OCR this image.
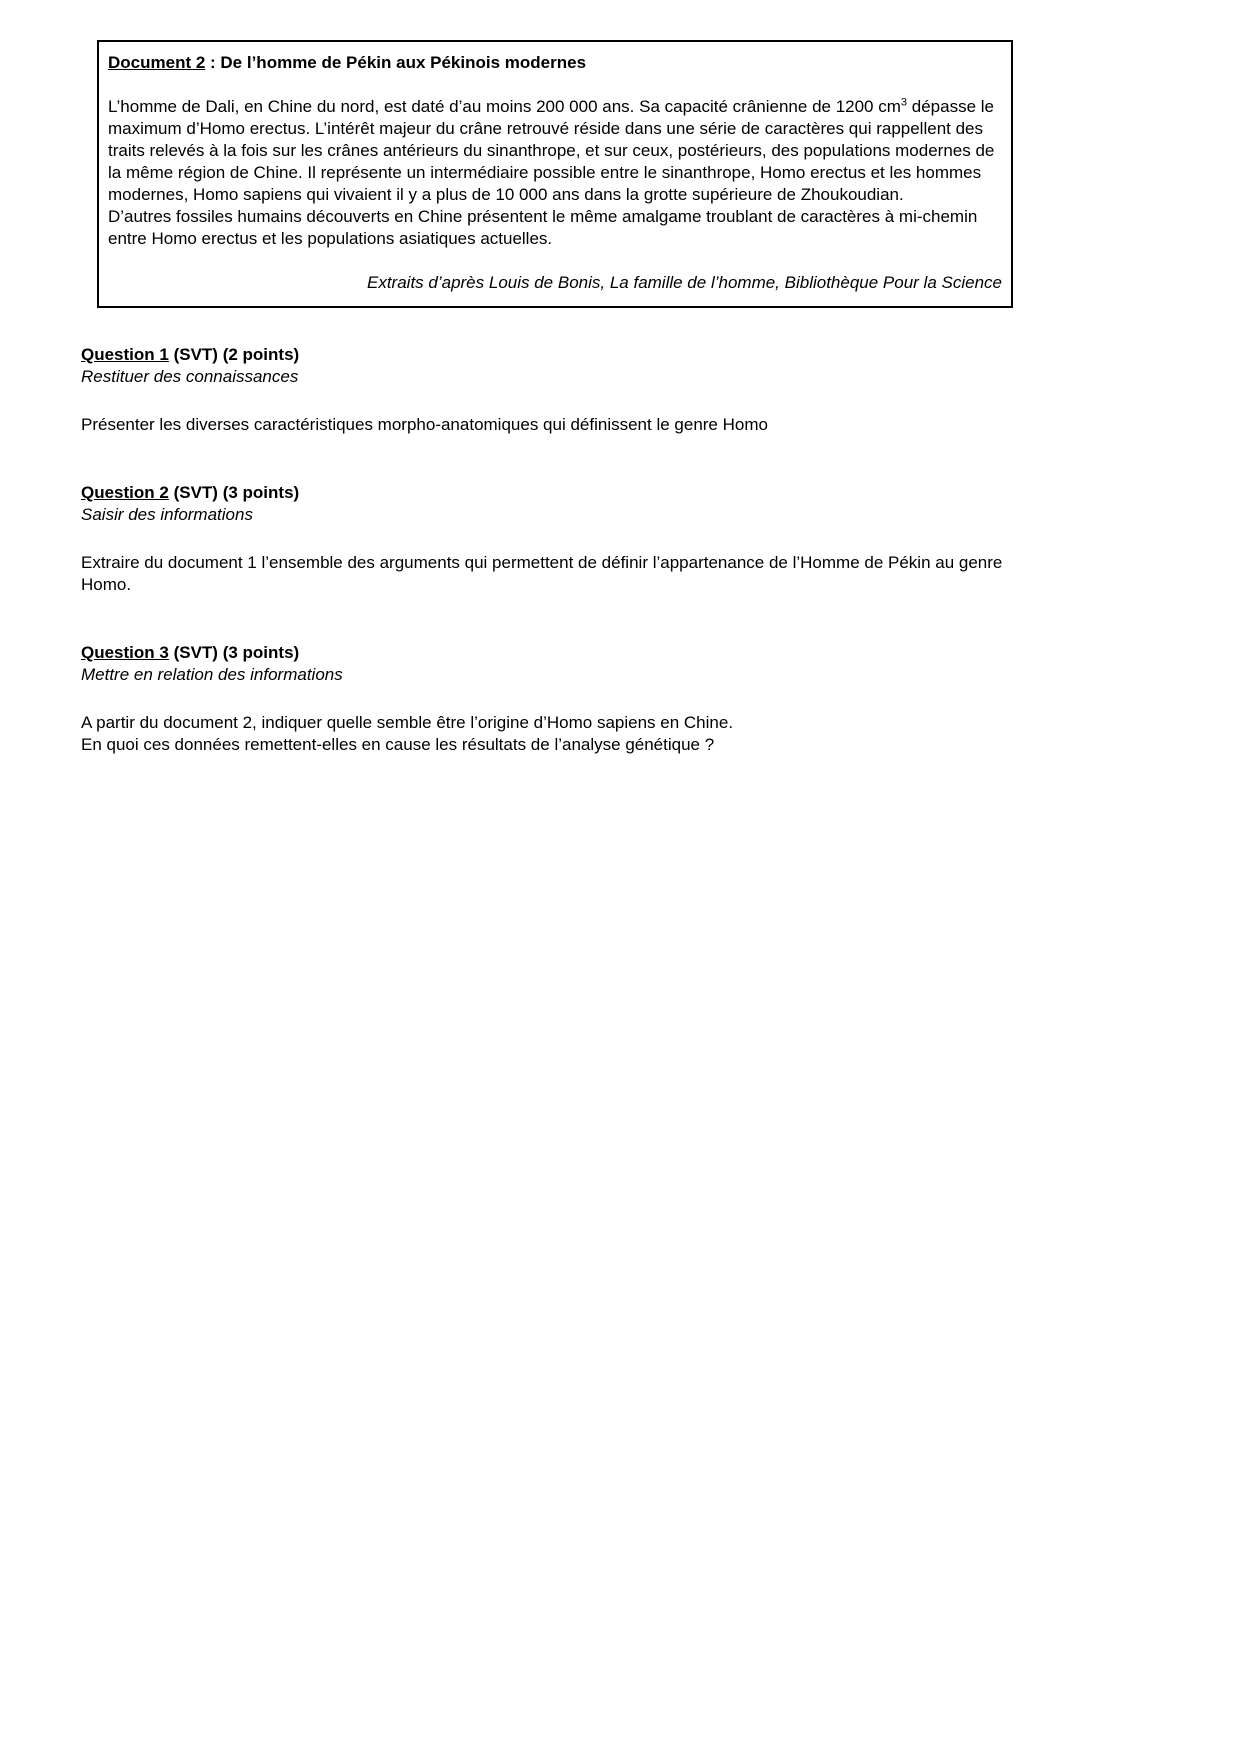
Document 2 : De l’homme de Pékin aux Pékinois modernes

L’homme de Dali, en Chine du nord, est daté d’au moins 200 000 ans. Sa capacité crânienne de 1200 $cm^3$ dépasse le maximum d’Homo erectus. L’intérêt majeur du crâne retrouvé réside dans une série de caractères qui rappellent des traits relevés à la fois sur les crânes antérieurs du sinanthrope, et sur ceux, postérieurs, des populations modernes de la même région de Chine. Il représente un intermédiaire possible entre le sinanthrope, Homo erectus et les hommes modernes, Homo sapiens qui vivaient il y a plus de 10 000 ans dans la grotte supérieure de Zhoukoudian.

D’autres fossiles humains découverts en Chine présentent le même amalgame troublant de caractères à mi-chemin entre Homo erectus et les populations asiatiques actuelles.

Extraits d’après Louis de Bonis, La famille de l’homme, Bibliothèque Pour la Science

Question 1 (SVT) (2 points)

Restituer des connaissances

Présenter les diverses caractéristiques morpho-anatomiques qui définissent le genre Homo

Question 2 (SVT) (3 points)

Saisir des informations

Extraire du document 1 l’ensemble des arguments qui permettent de définir l’appartenance de l’Homme de Pékin au genre Homo.

Question 3 (SVT) (3 points)

Mettre en relation des informations

A partir du document 2, indiquer quelle semble être l’origine d’Homo sapiens en Chine.

En quoi ces données remettent-elles en cause les résultats de l’analyse génétique ?
